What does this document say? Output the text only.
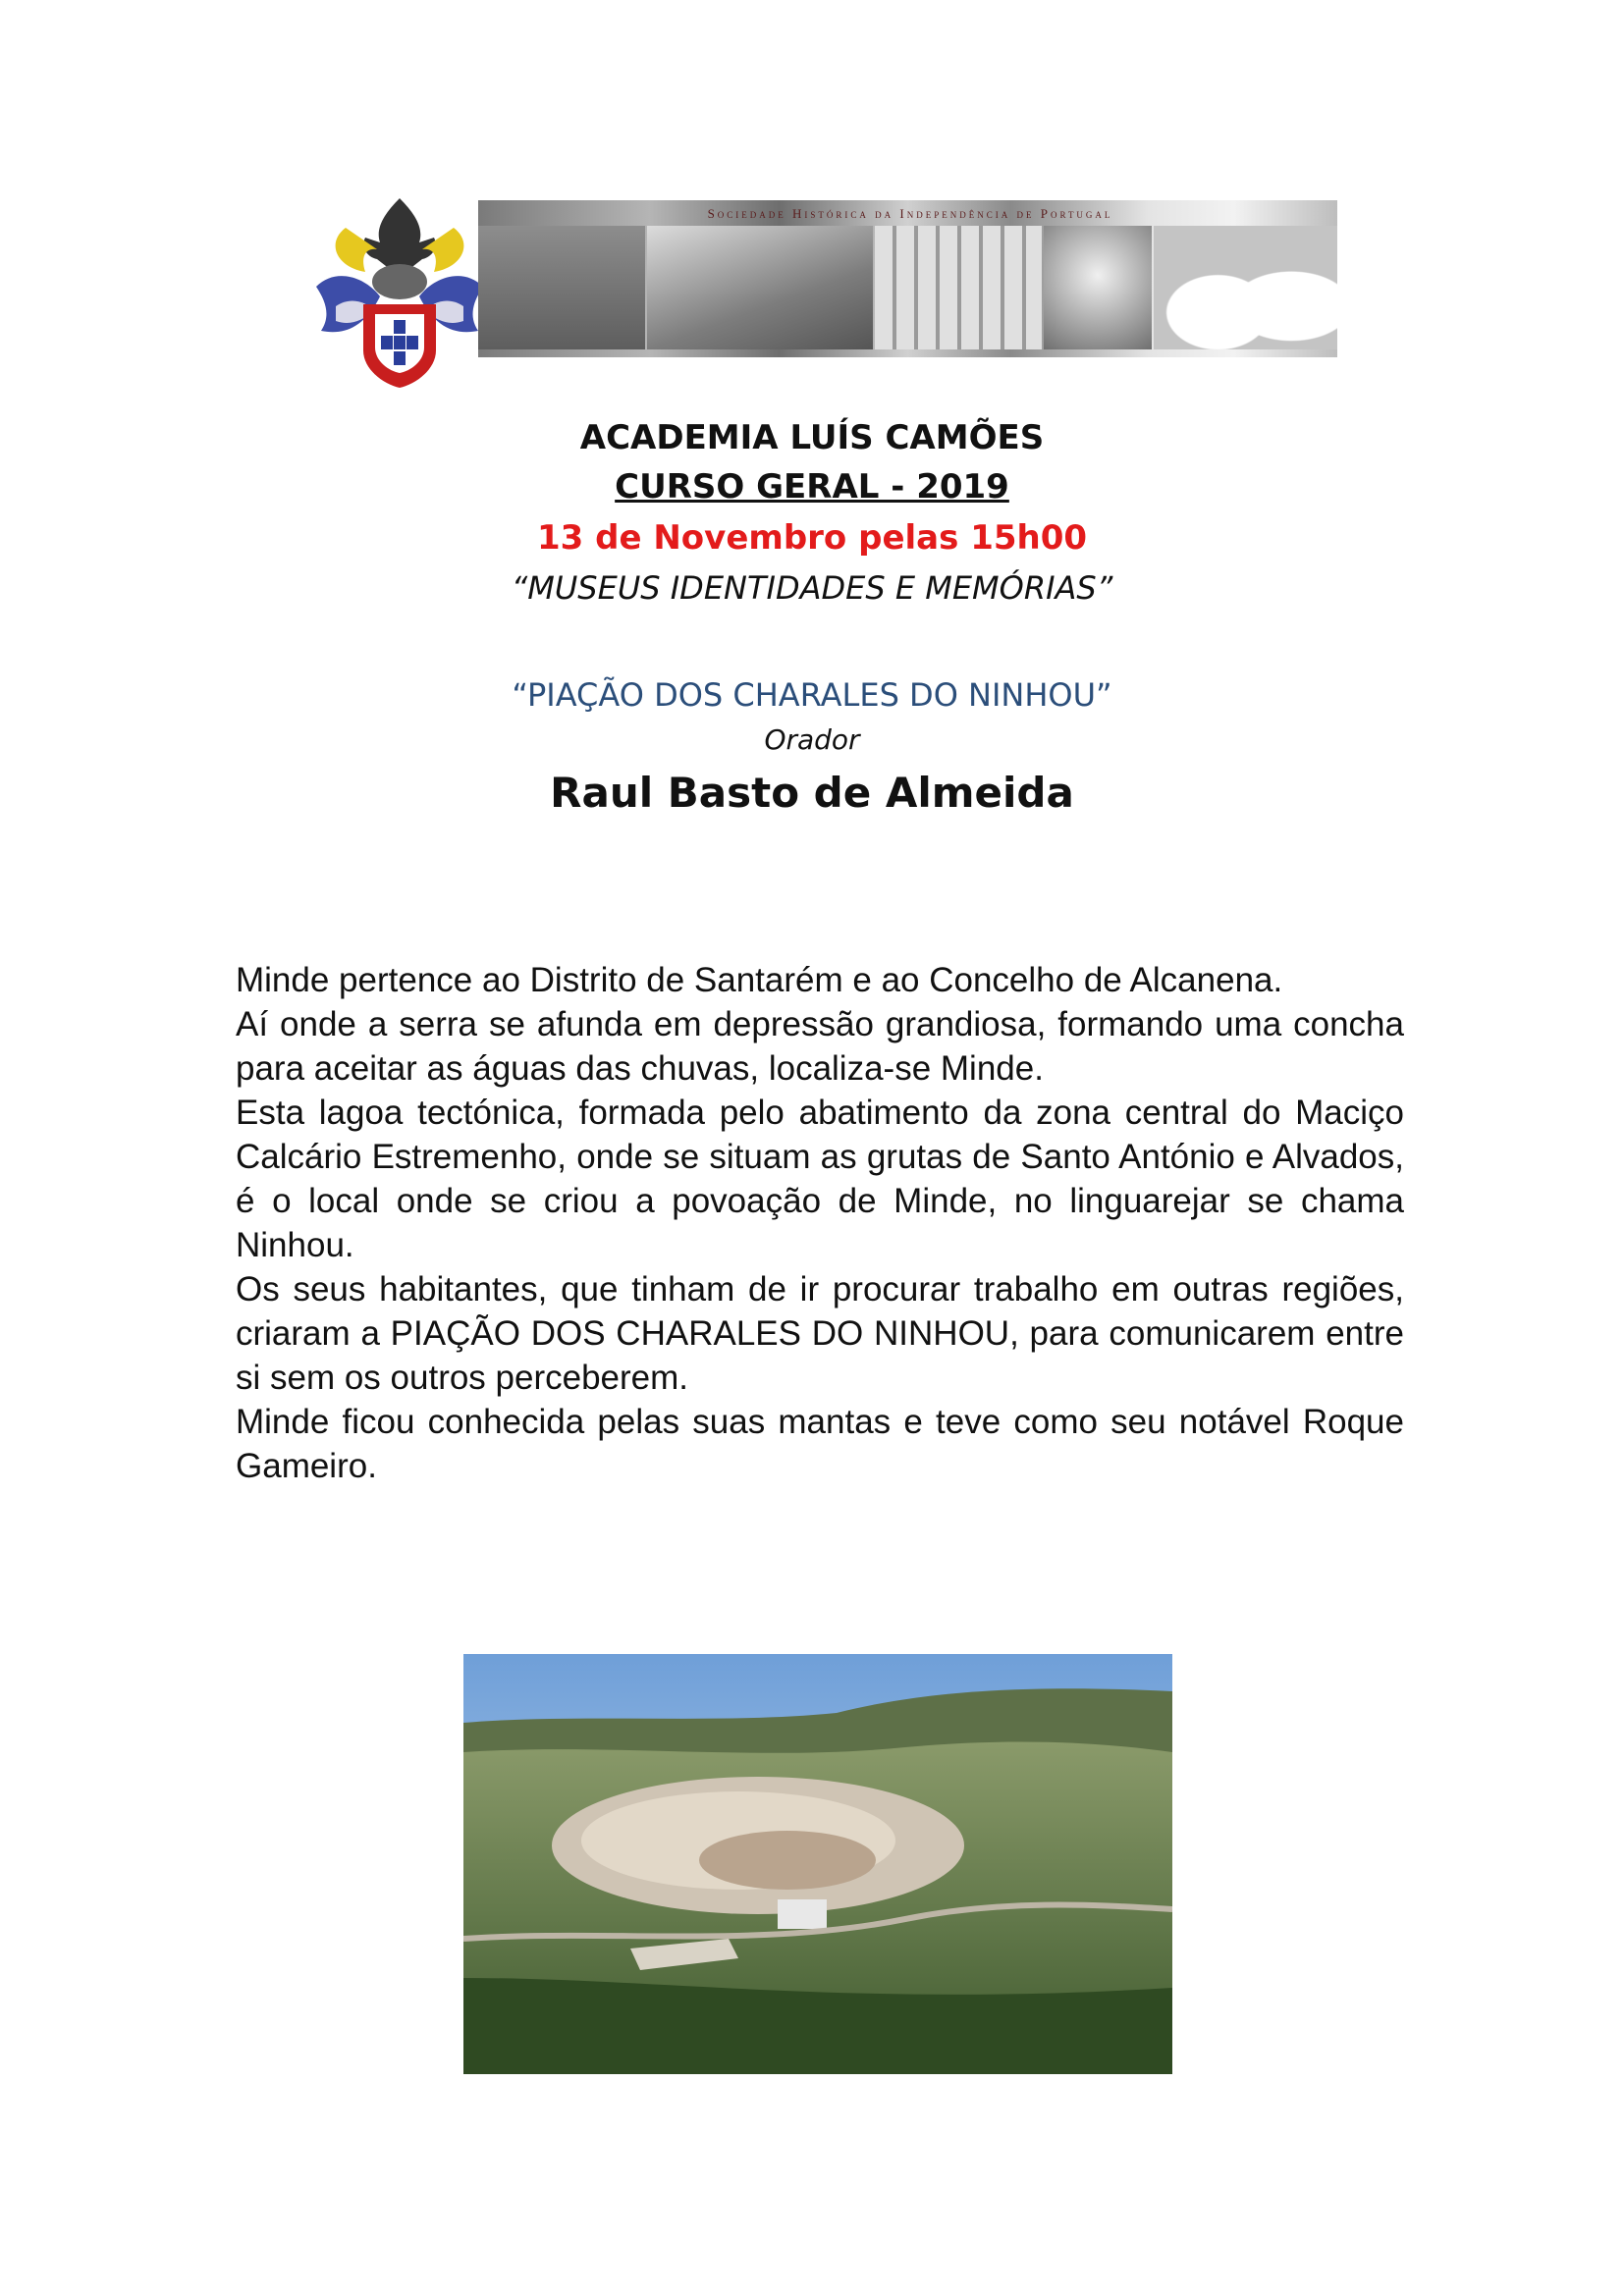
Sociedade Histórica da Independência de Portugal
ACADEMIA LUÍS CAMÕES
CURSO GERAL - 2019
13 de Novembro pelas 15h00
“MUSEUS IDENTIDADES E MEMÓRIAS”
“PIAÇÃO DOS CHARALES DO NINHOU”
Orador
Raul Basto de Almeida

Minde pertence ao Distrito de Santarém e ao Concelho de Alcanena.

Aí onde a serra se afunda em depressão grandiosa, formando uma concha para aceitar as águas das chuvas, localiza-se Minde.

Esta lagoa tectónica, formada pelo abatimento da zona central do Maciço Calcário Estremenho, onde se situam as grutas de Santo António e Alvados, é o local onde se criou a povoação de Minde, no linguarejar se chama Ninhou.

Os seus habitantes, que tinham de ir procurar trabalho em outras regiões, criaram a PIAÇÃO DOS CHARALES DO NINHOU, para comunicarem entre si sem os outros perceberem.

Minde ficou conhecida pelas suas mantas e teve como seu notável Roque Gameiro.
